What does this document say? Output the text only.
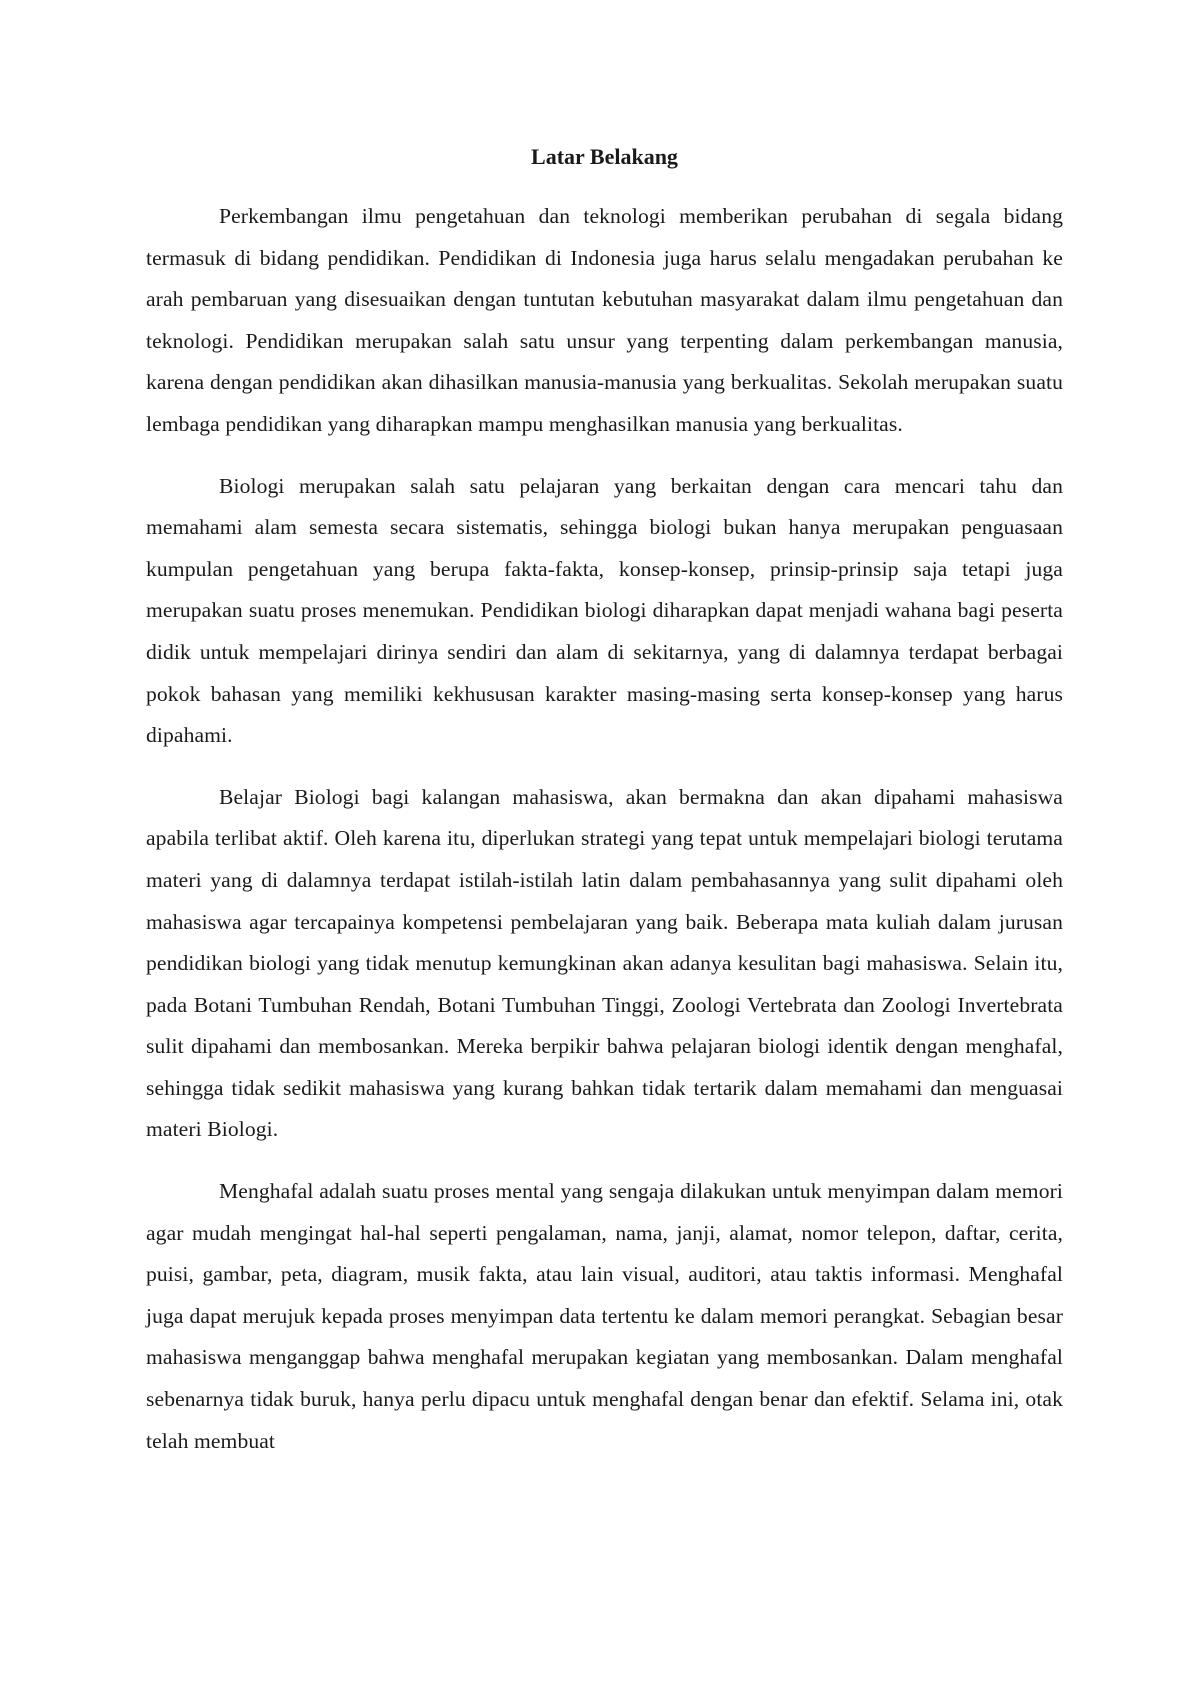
Latar Belakang

Perkembangan ilmu pengetahuan dan teknologi memberikan perubahan di segala bidang termasuk di bidang pendidikan. Pendidikan di Indonesia juga harus selalu mengadakan perubahan ke arah pembaruan yang disesuaikan dengan tuntutan kebutuhan masyarakat dalam ilmu pengetahuan dan teknologi. Pendidikan merupakan salah satu unsur yang terpenting dalam perkembangan manusia, karena dengan pendidikan akan dihasilkan manusia-manusia yang berkualitas. Sekolah merupakan suatu lembaga pendidikan yang diharapkan mampu menghasilkan manusia yang berkualitas.

Biologi merupakan salah satu pelajaran yang berkaitan dengan cara mencari tahu dan memahami alam semesta secara sistematis, sehingga biologi bukan hanya merupakan penguasaan kumpulan pengetahuan yang berupa fakta-fakta, konsep-konsep, prinsip-prinsip saja tetapi juga merupakan suatu proses menemukan. Pendidikan biologi diharapkan dapat menjadi wahana bagi peserta didik untuk mempelajari dirinya sendiri dan alam di sekitarnya, yang di dalamnya terdapat berbagai pokok bahasan yang memiliki kekhususan karakter masing-masing serta konsep-konsep yang harus dipahami.

Belajar Biologi bagi kalangan mahasiswa, akan bermakna dan akan dipahami mahasiswa apabila terlibat aktif. Oleh karena itu, diperlukan strategi yang tepat untuk mempelajari biologi terutama materi yang di dalamnya terdapat istilah-istilah latin dalam pembahasannya yang sulit dipahami oleh mahasiswa agar tercapainya kompetensi pembelajaran yang baik. Beberapa mata kuliah dalam jurusan pendidikan biologi yang tidak menutup kemungkinan akan adanya kesulitan bagi mahasiswa. Selain itu, pada Botani Tumbuhan Rendah, Botani Tumbuhan Tinggi, Zoologi Vertebrata dan Zoologi Invertebrata sulit dipahami dan membosankan. Mereka berpikir bahwa pelajaran biologi identik dengan menghafal, sehingga tidak sedikit mahasiswa yang kurang bahkan tidak tertarik dalam memahami dan menguasai materi Biologi.

Menghafal adalah suatu proses mental yang sengaja dilakukan untuk menyimpan dalam memori agar mudah mengingat hal-hal seperti pengalaman, nama, janji, alamat, nomor telepon, daftar, cerita, puisi, gambar, peta, diagram, musik fakta, atau lain visual, auditori, atau taktis informasi. Menghafal juga dapat merujuk kepada proses menyimpan data tertentu ke dalam memori perangkat. Sebagian besar mahasiswa menganggap bahwa menghafal merupakan kegiatan yang membosankan. Dalam menghafal sebenarnya tidak buruk, hanya perlu dipacu untuk menghafal dengan benar dan efektif. Selama ini, otak telah membuat
